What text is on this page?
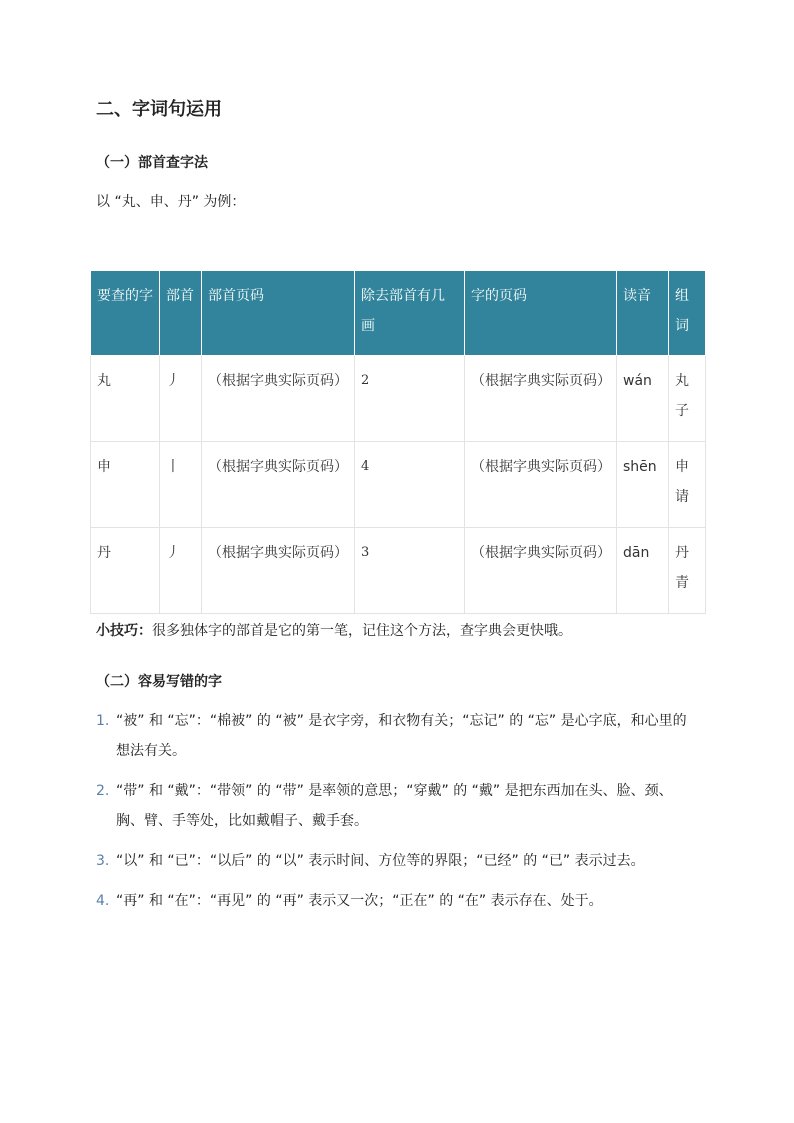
二、字词句运用
（一）部首查字法

以 “丸、申、丹” 为例：

要查的字	部首	部首页码	除去部首有几画	字的页码	读音	组词
丸	丿	（根据字典实际页码）	2	（根据字典实际页码）	wán	丸子
申	丨	（根据字典实际页码）	4	（根据字典实际页码）	shēn	申请
丹	丿	（根据字典实际页码）	3	（根据字典实际页码）	dān	丹青

小技巧：很多独体字的部首是它的第一笔，记住这个方法，查字典会更快哦。

（二）容易写错的字
1. “被” 和 “忘”：“棉被” 的 “被” 是衣字旁，和衣物有关；“忘记” 的 “忘” 是心字底，和心里的想法有关。
2. “带” 和 “戴”：“带领” 的 “带” 是率领的意思；“穿戴” 的 “戴” 是把东西加在头、脸、颈、胸、臂、手等处，比如戴帽子、戴手套。
3. “以” 和 “已”：“以后” 的 “以” 表示时间、方位等的界限；“已经” 的 “已” 表示过去。
4. “再” 和 “在”：“再见” 的 “再” 表示又一次；“正在” 的 “在” 表示存在、处于。
